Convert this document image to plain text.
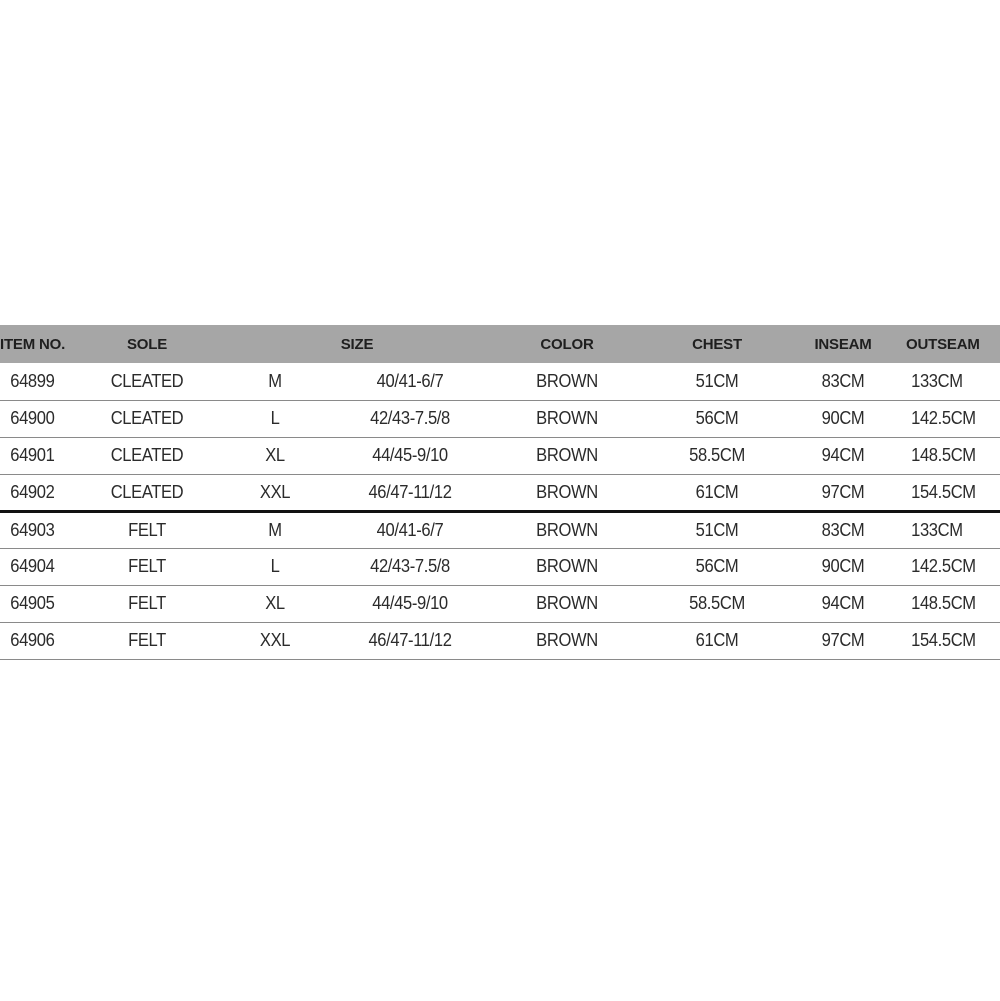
ITEM NO.	SOLE	SIZE		COLOR	CHEST	INSEAM	OUTSEAM
64899	CLEATED	M	40/41-6/7	BROWN	51CM	83CM	133CM
64900	CLEATED	L	42/43-7.5/8	BROWN	56CM	90CM	142.5CM
64901	CLEATED	XL	44/45-9/10	BROWN	58.5CM	94CM	148.5CM
64902	CLEATED	XXL	46/47-11/12	BROWN	61CM	97CM	154.5CM
64903	FELT	M	40/41-6/7	BROWN	51CM	83CM	133CM
64904	FELT	L	42/43-7.5/8	BROWN	56CM	90CM	142.5CM
64905	FELT	XL	44/45-9/10	BROWN	58.5CM	94CM	148.5CM
64906	FELT	XXL	46/47-11/12	BROWN	61CM	97CM	154.5CM
